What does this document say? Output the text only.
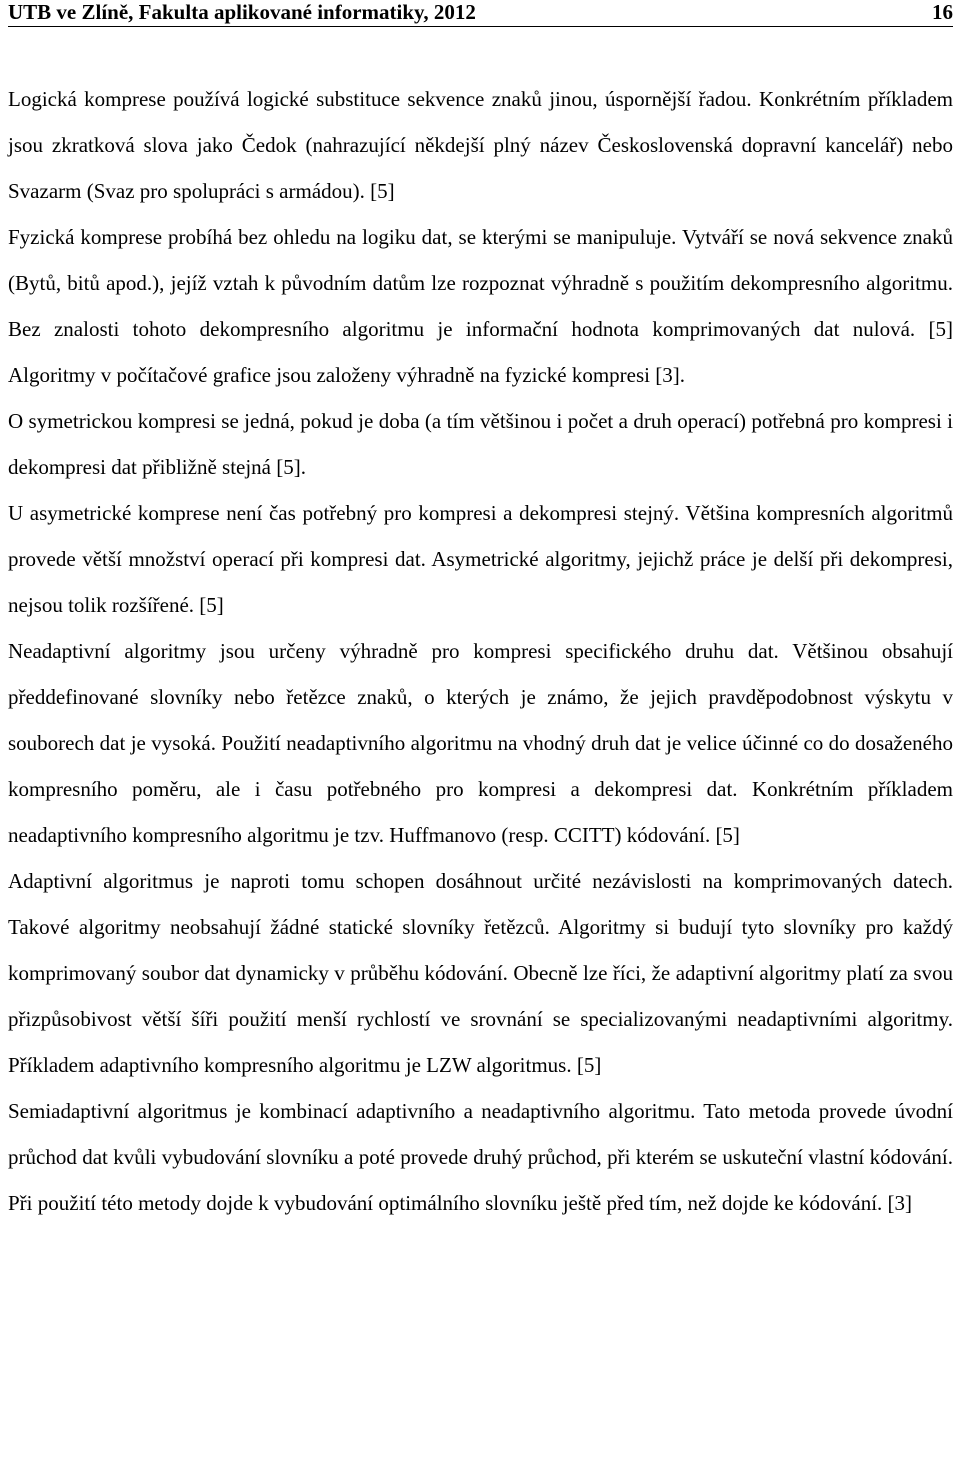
UTB ve Zlíně, Fakulta aplikované informatiky, 2012	16

Logická komprese používá logické substituce sekvence znaků jinou, úspornější řadou. Konkrétním příkladem jsou zkratková slova jako Čedok (nahrazující někdejší plný název Československá dopravní kancelář) nebo Svazarm (Svaz pro spolupráci s armádou). [5]

Fyzická komprese probíhá bez ohledu na logiku dat, se kterými se manipuluje. Vytváří se nová sekvence znaků (Bytů, bitů apod.), jejíž vztah k původním datům lze rozpoznat výhradně s použitím dekompresního algoritmu. Bez znalosti tohoto dekompresního algoritmu je informační hodnota komprimovaných dat nulová. [5] Algoritmy v počítačové grafice jsou založeny výhradně na fyzické kompresi [3].

O symetrickou kompresi se jedná, pokud je doba (a tím většinou i počet a druh operací) potřebná pro kompresi i dekompresi dat přibližně stejná [5].

U asymetrické komprese není čas potřebný pro kompresi a dekompresi stejný. Většina kompresních algoritmů provede větší množství operací při kompresi dat. Asymetrické algoritmy, jejichž práce je delší při dekompresi, nejsou tolik rozšířené. [5]

Neadaptivní algoritmy jsou určeny výhradně pro kompresi specifického druhu dat. Většinou obsahují předdefinované slovníky nebo řetězce znaků, o kterých je známo, že jejich pravděpodobnost výskytu v souborech dat je vysoká. Použití neadaptivního algoritmu na vhodný druh dat je velice účinné co do dosaženého kompresního poměru, ale i času potřebného pro kompresi a dekompresi dat. Konkrétním příkladem neadaptivního kompresního algoritmu je tzv. Huffmanovo (resp. CCITT) kódování. [5]

Adaptivní algoritmus je naproti tomu schopen dosáhnout určité nezávislosti na komprimovaných datech. Takové algoritmy neobsahují žádné statické slovníky řetězců. Algoritmy si budují tyto slovníky pro každý komprimovaný soubor dat dynamicky v průběhu kódování. Obecně lze říci, že adaptivní algoritmy platí za svou přizpůsobivost větší šíři použití menší rychlostí ve srovnání se specializovanými neadaptivními algoritmy. Příkladem adaptivního kompresního algoritmu je LZW algoritmus. [5]

Semiadaptivní algoritmus je kombinací adaptivního a neadaptivního algoritmu. Tato metoda provede úvodní průchod dat kvůli vybudování slovníku a poté provede druhý průchod, při kterém se uskuteční vlastní kódování. Při použití této metody dojde k vybudování optimálního slovníku ještě před tím, než dojde ke kódování. [3]
